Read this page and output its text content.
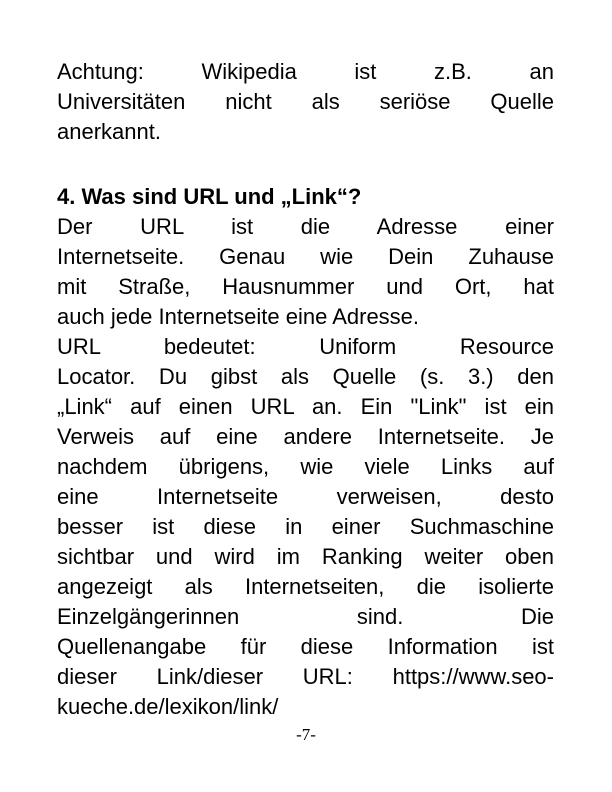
Achtung: Wikipedia ist z.B. an
Universitäten nicht als seriöse Quelle
anerkannt.
4. Was sind URL und „Link“?
Der URL ist die Adresse einer
Internetseite. Genau wie Dein Zuhause
mit Straße, Hausnummer und Ort, hat
auch jede Internetseite eine Adresse.
URL bedeutet: Uniform Resource
Locator. Du gibst als Quelle (s. 3.) den
„Link“ auf einen URL an. Ein "Link" ist ein
Verweis auf eine andere Internetseite. Je
nachdem übrigens, wie viele Links auf
eine Internetseite verweisen, desto
besser ist diese in einer Suchmaschine
sichtbar und wird im Ranking weiter oben
angezeigt als Internetseiten, die isolierte
Einzelgängerinnen sind. Die
Quellenangabe für diese Information ist
dieser Link/dieser URL: https://www.seo-
kueche.de/lexikon/link/
-7-
